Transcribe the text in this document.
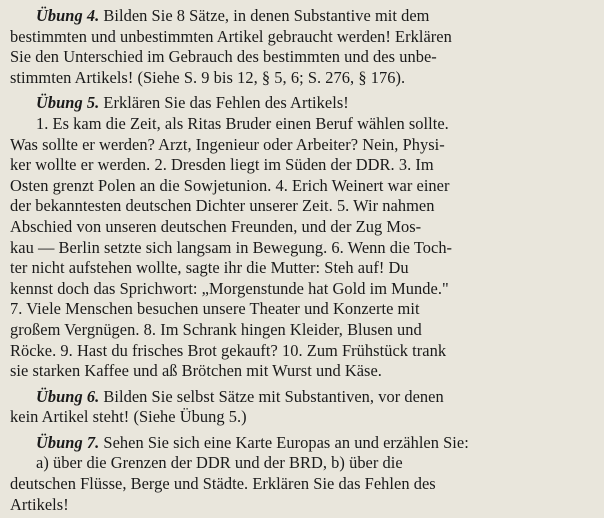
Übung 4. Bilden Sie 8 Sätze, in denen Substantive mit dem
bestimmten und unbestimmten Artikel gebraucht werden! Erklären
Sie den Unterschied im Gebrauch des bestimmten und des unbe-
stimmten Artikels! (Siehe S. 9 bis 12, § 5, 6; S. 276, § 176).
Übung 5. Erklären Sie das Fehlen des Artikels!
1. Es kam die Zeit, als Ritas Bruder einen Beruf wählen sollte.
Was sollte er werden? Arzt, Ingenieur oder Arbeiter? Nein, Physi-
ker wollte er werden. 2. Dresden liegt im Süden der DDR. 3. Im
Osten grenzt Polen an die Sowjetunion. 4. Erich Weinert war einer
der bekanntesten deutschen Dichter unserer Zeit. 5. Wir nahmen
Abschied von unseren deutschen Freunden, und der Zug Mos-
kau — Berlin setzte sich langsam in Bewegung. 6. Wenn die Toch-
ter nicht aufstehen wollte, sagte ihr die Mutter: Steh auf! Du
kennst doch das Sprichwort: „Morgenstunde hat Gold im Munde."
7. Viele Menschen besuchen unsere Theater und Konzerte mit
großem Vergnügen. 8. Im Schrank hingen Kleider, Blusen und
Röcke. 9. Hast du frisches Brot gekauft? 10. Zum Frühstück trank
sie starken Kaffee und aß Brötchen mit Wurst und Käse.
Übung 6. Bilden Sie selbst Sätze mit Substantiven, vor denen
kein Artikel steht! (Siehe Übung 5.)
Übung 7. Sehen Sie sich eine Karte Europas an und erzählen Sie:
a) über die Grenzen der DDR und der BRD, b) über die
deutschen Flüsse, Berge und Städte. Erklären Sie das Fehlen des
Artikels!
